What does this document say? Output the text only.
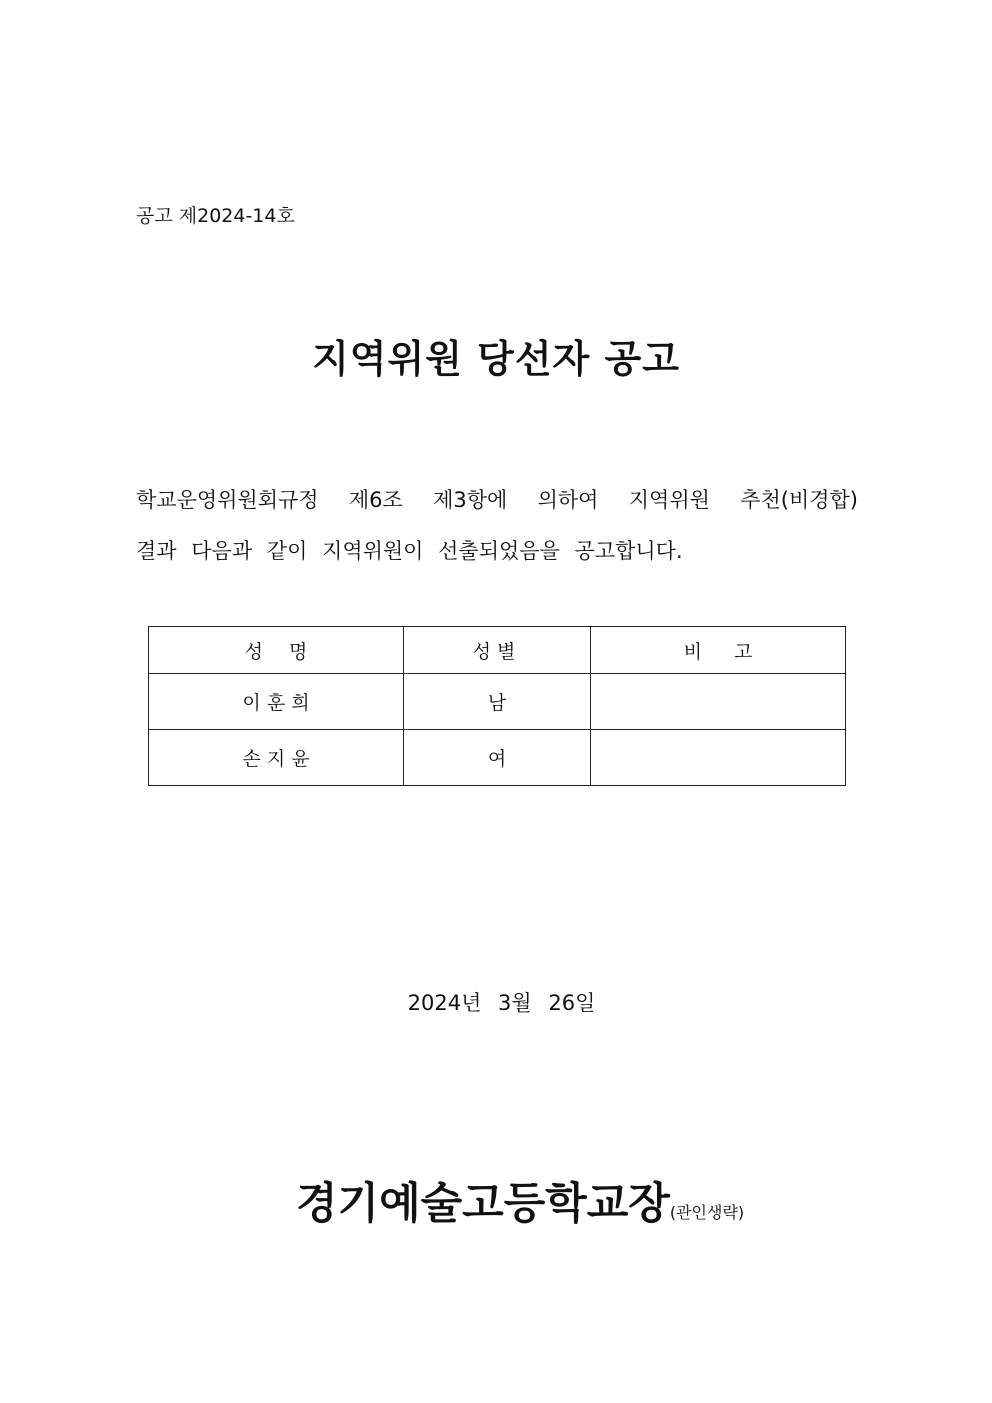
공고 제2024-14호
지역위원 당선자 공고
학교운영위원회규정 제6조 제3항에 의하여 지역위원 추천(비경합)
결과 다음과 같이 지역위원이 선출되었음을 공고합니다.
성 명	성별	비 고
이 훈 희	남	
손 지 윤	여	
2024년 3월 26일
경기예술고등학교장(관인생략)
